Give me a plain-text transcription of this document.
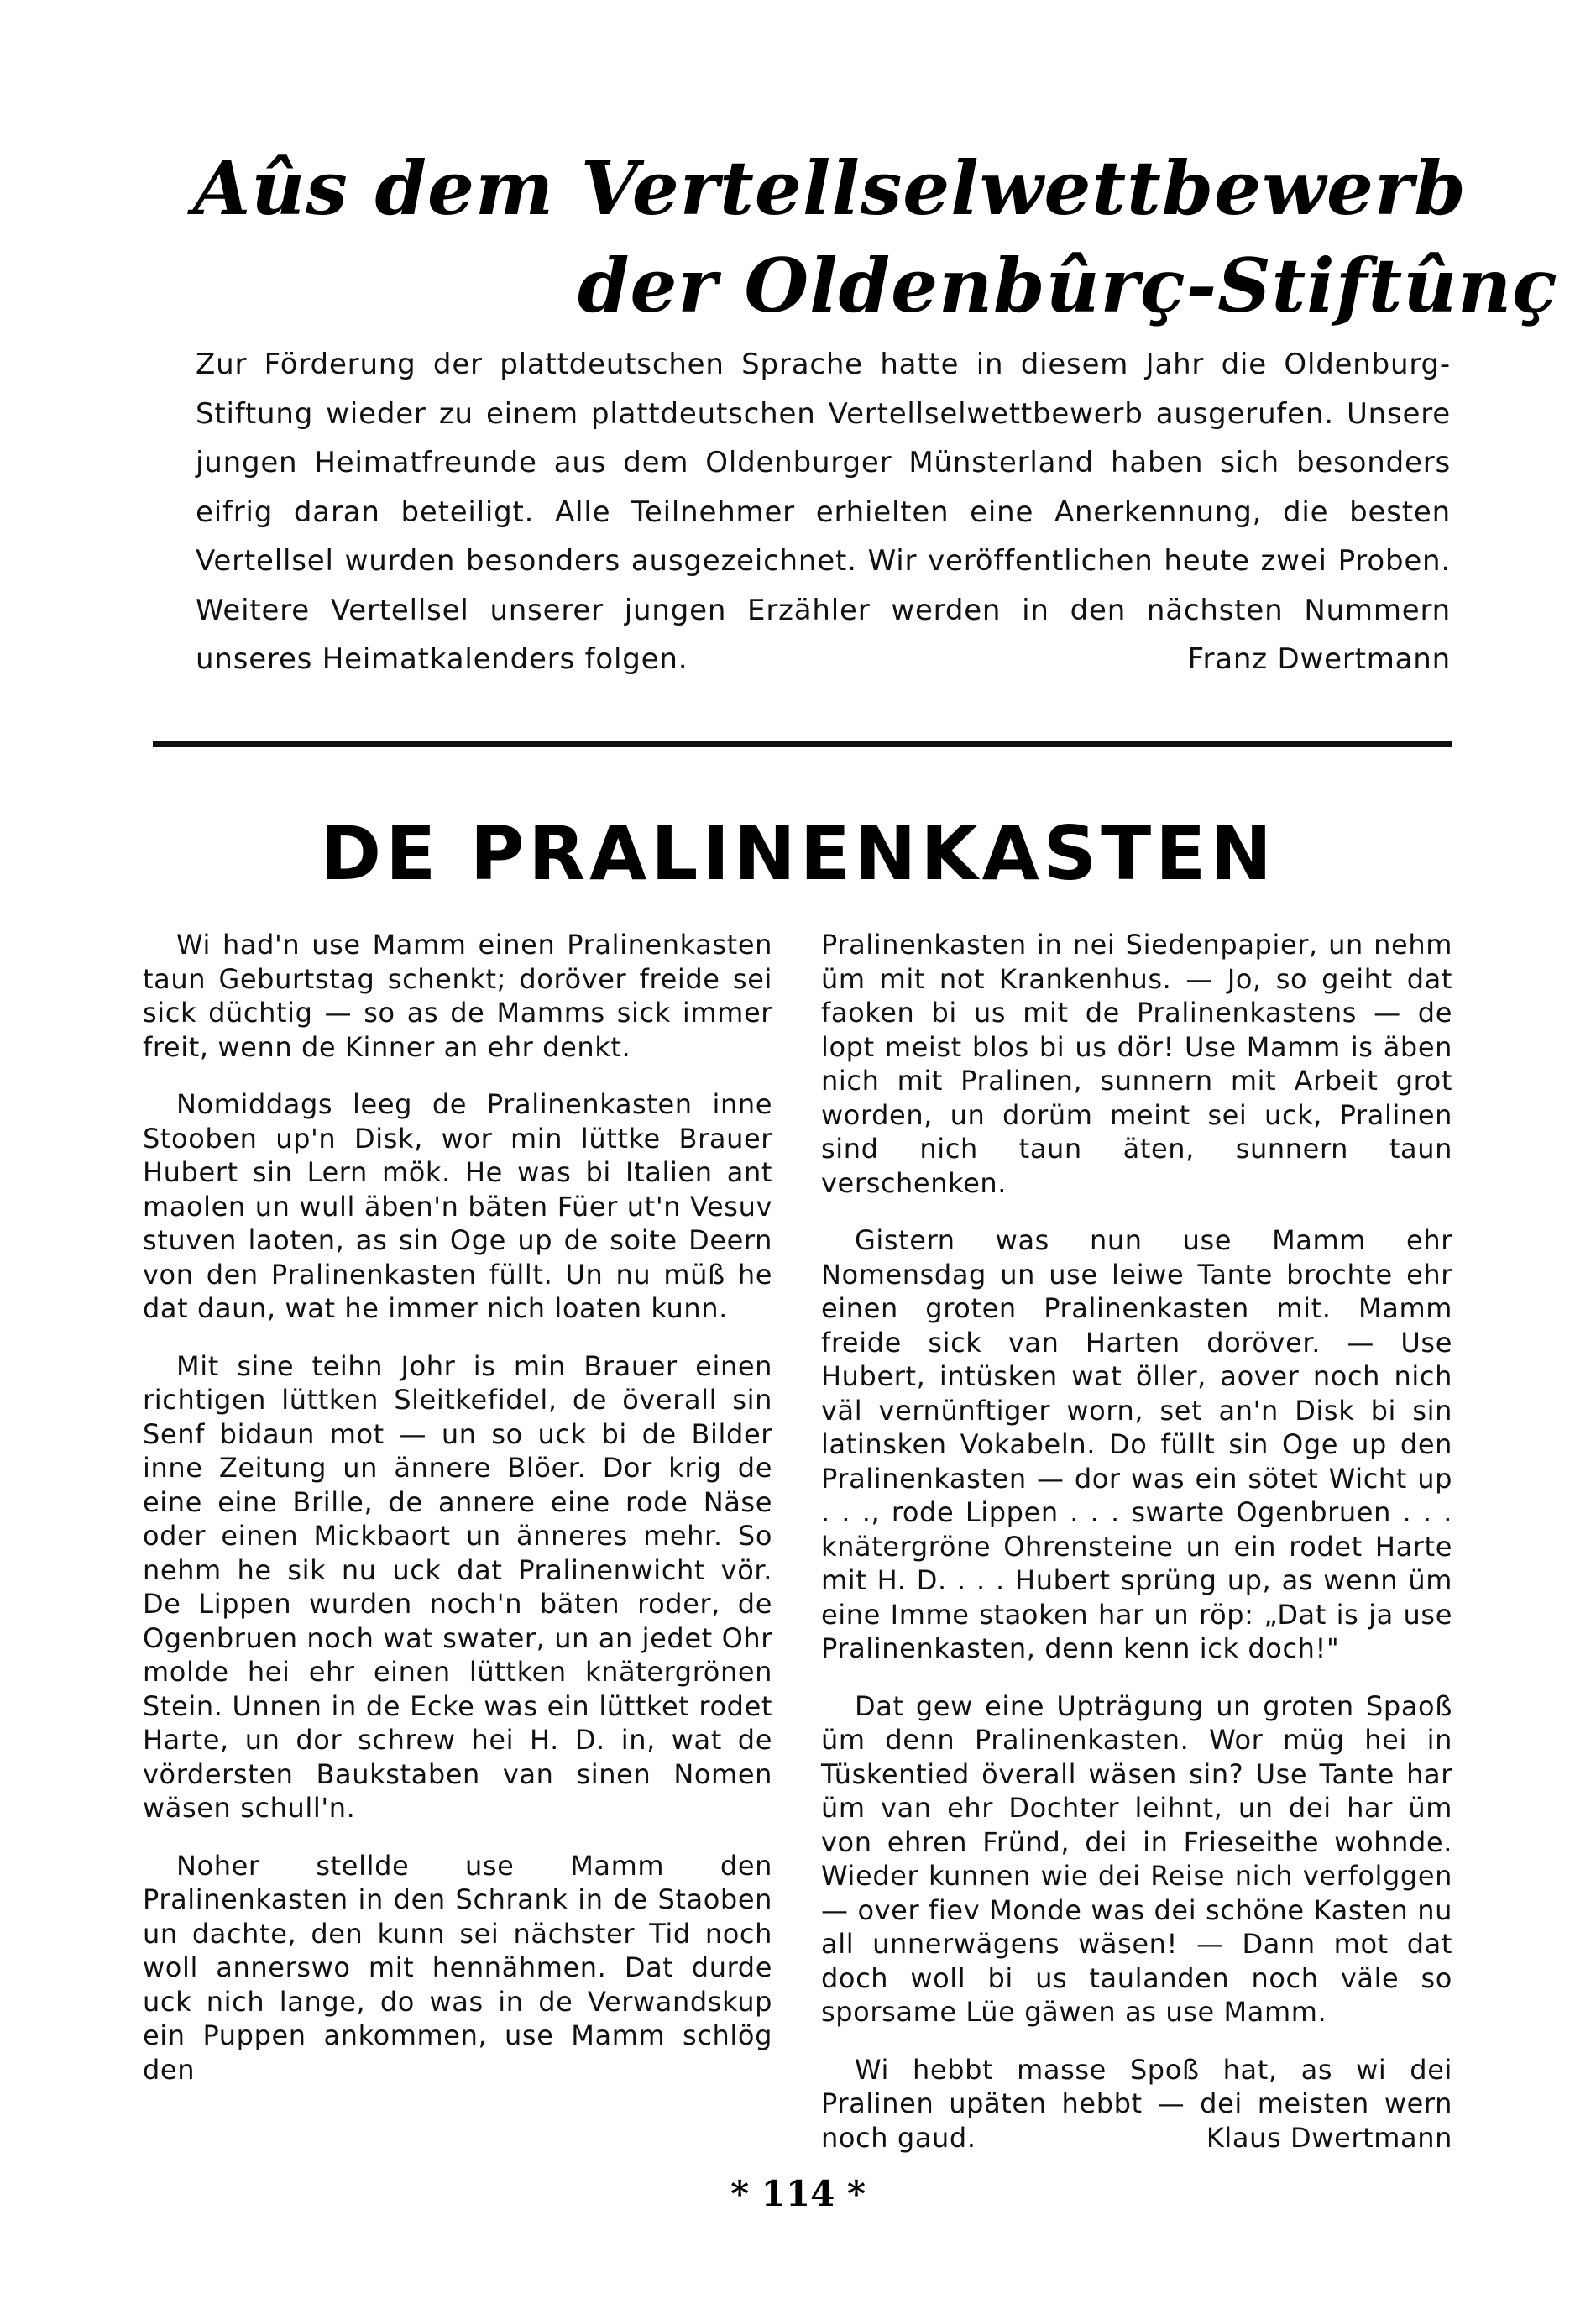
Aûs dem Vertellselwettbewerb
der Oldenbûrç-Stiftûnç
Zur Förderung der plattdeutschen Sprache hatte in diesem Jahr die Oldenburg-Stiftung wieder zu einem plattdeutschen Vertellselwettbewerb ausgerufen. Unsere jungen Heimatfreunde aus dem Oldenburger Münsterland haben sich besonders eifrig daran beteiligt. Alle Teilnehmer erhielten eine Anerkennung, die besten Vertellsel wurden besonders ausgezeichnet. Wir veröffentlichen heute zwei Proben. Weitere Vertellsel unserer jungen Erzähler werden in den nächsten Nummern unseres Heimatkalenders folgen.	Franz Dwertmann
DE PRALINENKASTEN

Wi had'n use Mamm einen Pralinenkasten taun Geburtstag schenkt; doröver freide sei sick düchtig — so as de Mamms sick immer freit, wenn de Kinner an ehr denkt.

Nomiddags leeg de Pralinenkasten inne Stooben up'n Disk, wor min lüttke Brauer Hubert sin Lern mök. He was bi Italien ant maolen un wull äben'n bäten Füer ut'n Vesuv stuven laoten, as sin Oge up de soite Deern von den Pralinenkasten füllt. Un nu müß he dat daun, wat he immer nich loaten kunn.

Mit sine teihn Johr is min Brauer einen richtigen lüttken Sleitkefidel, de överall sin Senf bidaun mot — un so uck bi de Bilder inne Zeitung un ännere Blöer. Dor krig de eine eine Brille, de annere eine rode Näse oder einen Mickbaort un änneres mehr. So nehm he sik nu uck dat Pralinenwicht vör. De Lippen wurden noch'n bäten roder, de Ogenbruen noch wat swater, un an jedet Ohr molde hei ehr einen lüttken knätergrönen Stein. Unnen in de Ecke was ein lüttket rodet Harte, un dor schrew hei H. D. in, wat de vördersten Baukstaben van sinen Nomen wäsen schull'n.

Noher stellde use Mamm den Pralinenkasten in den Schrank in de Staoben un dachte, den kunn sei nächster Tid noch woll annerswo mit hennähmen. Dat durde uck nich lange, do was in de Verwandskup ein Puppen ankommen, use Mamm schlög den

Pralinenkasten in nei Siedenpapier, un nehm üm mit not Krankenhus. — Jo, so geiht dat faoken bi us mit de Pralinenkastens — de lopt meist blos bi us dör! Use Mamm is äben nich mit Pralinen, sunnern mit Arbeit grot worden, un dorüm meint sei uck, Pralinen sind nich taun äten, sunnern taun verschenken.

Gistern was nun use Mamm ehr Nomensdag un use leiwe Tante brochte ehr einen groten Pralinenkasten mit. Mamm freide sick van Harten doröver. — Use Hubert, intüsken wat öller, aover noch nich väl vernünftiger worn, set an'n Disk bi sin latinsken Vokabeln. Do füllt sin Oge up den Pralinenkasten — dor was ein sötet Wicht up . . ., rode Lippen . . . swarte Ogenbruen . . . knätergröne Ohrensteine un ein rodet Harte mit H. D. . . . Hubert sprüng up, as wenn üm eine Imme staoken har un röp: „Dat is ja use Pralinenkasten, denn kenn ick doch!"

Dat gew eine Upträgung un groten Spaoß üm denn Pralinenkasten. Wor müg hei in Tüskentied överall wäsen sin? Use Tante har üm van ehr Dochter leihnt, un dei har üm von ehren Fründ, dei in Frieseithe wohnde. Wieder kunnen wie dei Reise nich verfolggen — over fiev Monde was dei schöne Kasten nu all unnerwägens wäsen! — Dann mot dat doch woll bi us taulanden noch väle so sporsame Lüe gäwen as use Mamm.

Wi hebbt masse Spoß hat, as wi dei Pralinen upäten hebbt — dei meisten wern noch gaud.	Klaus Dwertmann

* 114 *
